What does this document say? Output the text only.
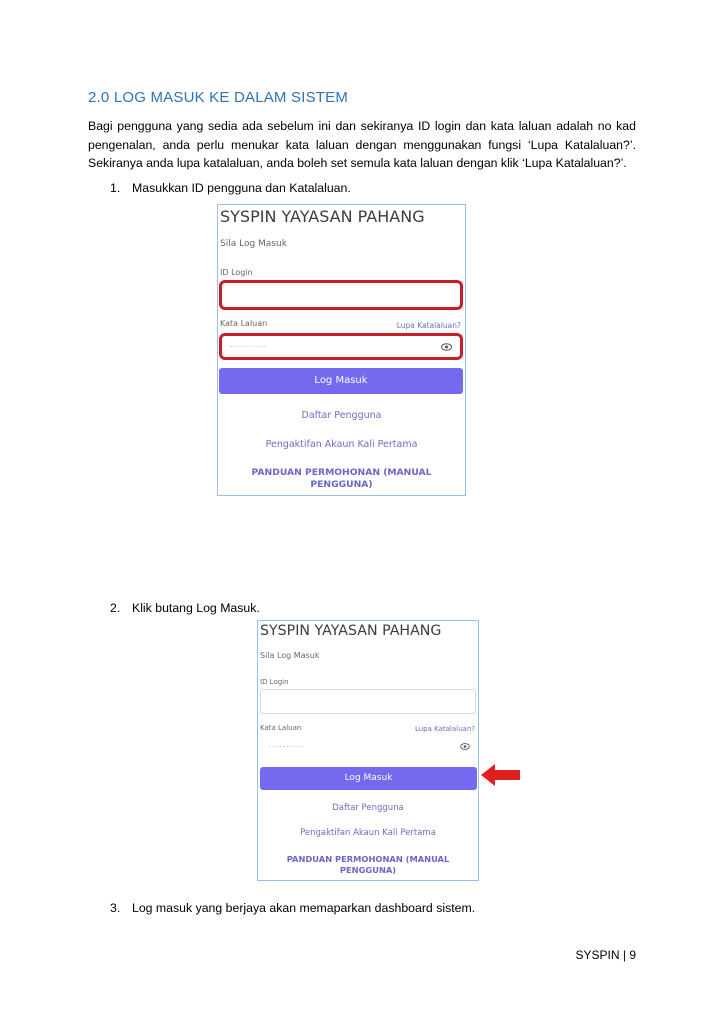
2.0 LOG MASUK KE DALAM SISTEM

Bagi pengguna yang sedia ada sebelum ini dan sekiranya ID login dan kata laluan adalah no kad pengenalan, anda perlu menukar kata laluan dengan menggunakan fungsi ‘Lupa Katalaluan?’. Sekiranya anda lupa katalaluan, anda boleh set semula kata laluan dengan klik ‘Lupa Katalaluan?’.

1. Masukkan ID pengguna dan Katalaluan.
SYSPIN YAYASAN PAHANG
Sila Log Masuk
ID Login
Kata Laluan	Lupa Katalaluan?
··········
Log Masuk
Daftar Pengguna
Pengaktifan Akaun Kali Pertama
PANDUAN PERMOHONAN (MANUAL
PENGGUNA)
2. Klik butang Log Masuk.
SYSPIN YAYASAN PAHANG
Sila Log Masuk
ID Login
Kata Laluan	Lupa Katalaluan?
··········
Log Masuk
Daftar Pengguna
Pengaktifan Akaun Kali Pertama
PANDUAN PERMOHONAN (MANUAL
PENGGUNA)
3. Log masuk yang berjaya akan memaparkan dashboard sistem.
SYSPIN | 9
